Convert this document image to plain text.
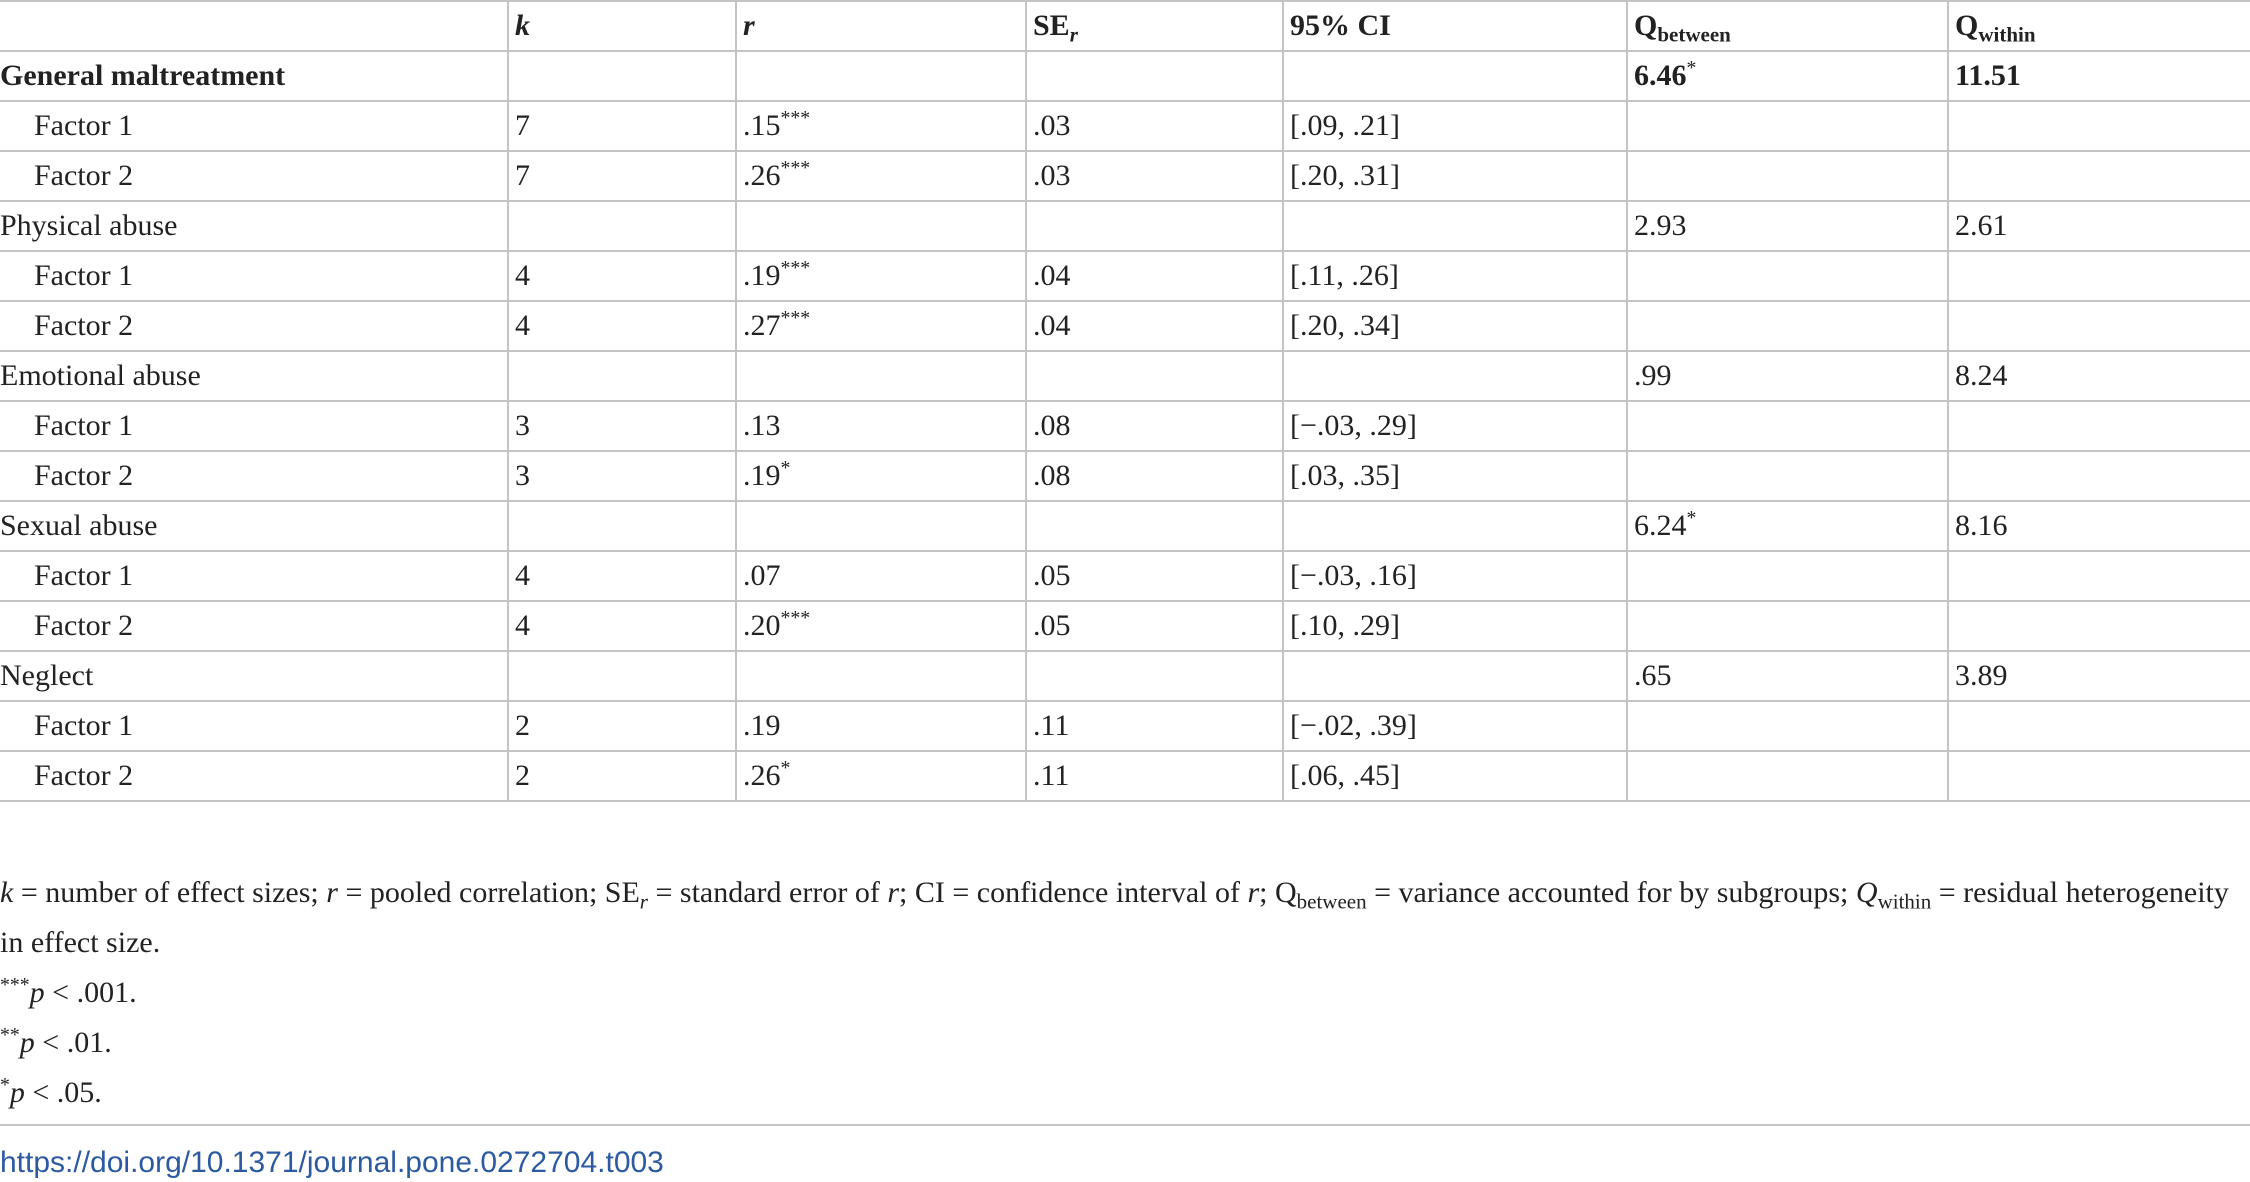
	k	r	$SE_r$	95% CI	$Q_{between}$	$Q_{within}$
General maltreatment					6.46*	11.51
Factor 1	7	.15***	.03	[.09, .21]		
Factor 2	7	.26***	.03	[.20, .31]		
Physical abuse					2.93	2.61
Factor 1	4	.19***	.04	[.11, .26]		
Factor 2	4	.27***	.04	[.20, .34]		
Emotional abuse					.99	8.24
Factor 1	3	.13	.08	[−.03, .29]		
Factor 2	3	.19*	.08	[.03, .35]		
Sexual abuse					6.24*	8.16
Factor 1	4	.07	.05	[−.03, .16]		
Factor 2	4	.20***	.05	[.10, .29]		
Neglect					.65	3.89
Factor 1	2	.19	.11	[−.02, .39]		
Factor 2	2	.26*	.11	[.06, .45]		

k = number of effect sizes; r = pooled correlation; $SE_r$ = standard error of r; CI = confidence interval of r; $Q_{between}$ = variance accounted for by subgroups; $Q_{within}$ = residual heterogeneity in effect size.

***p < .001.

**p < .01.

*p < .05.

https://doi.org/10.1371/journal.pone.0272704.t003
